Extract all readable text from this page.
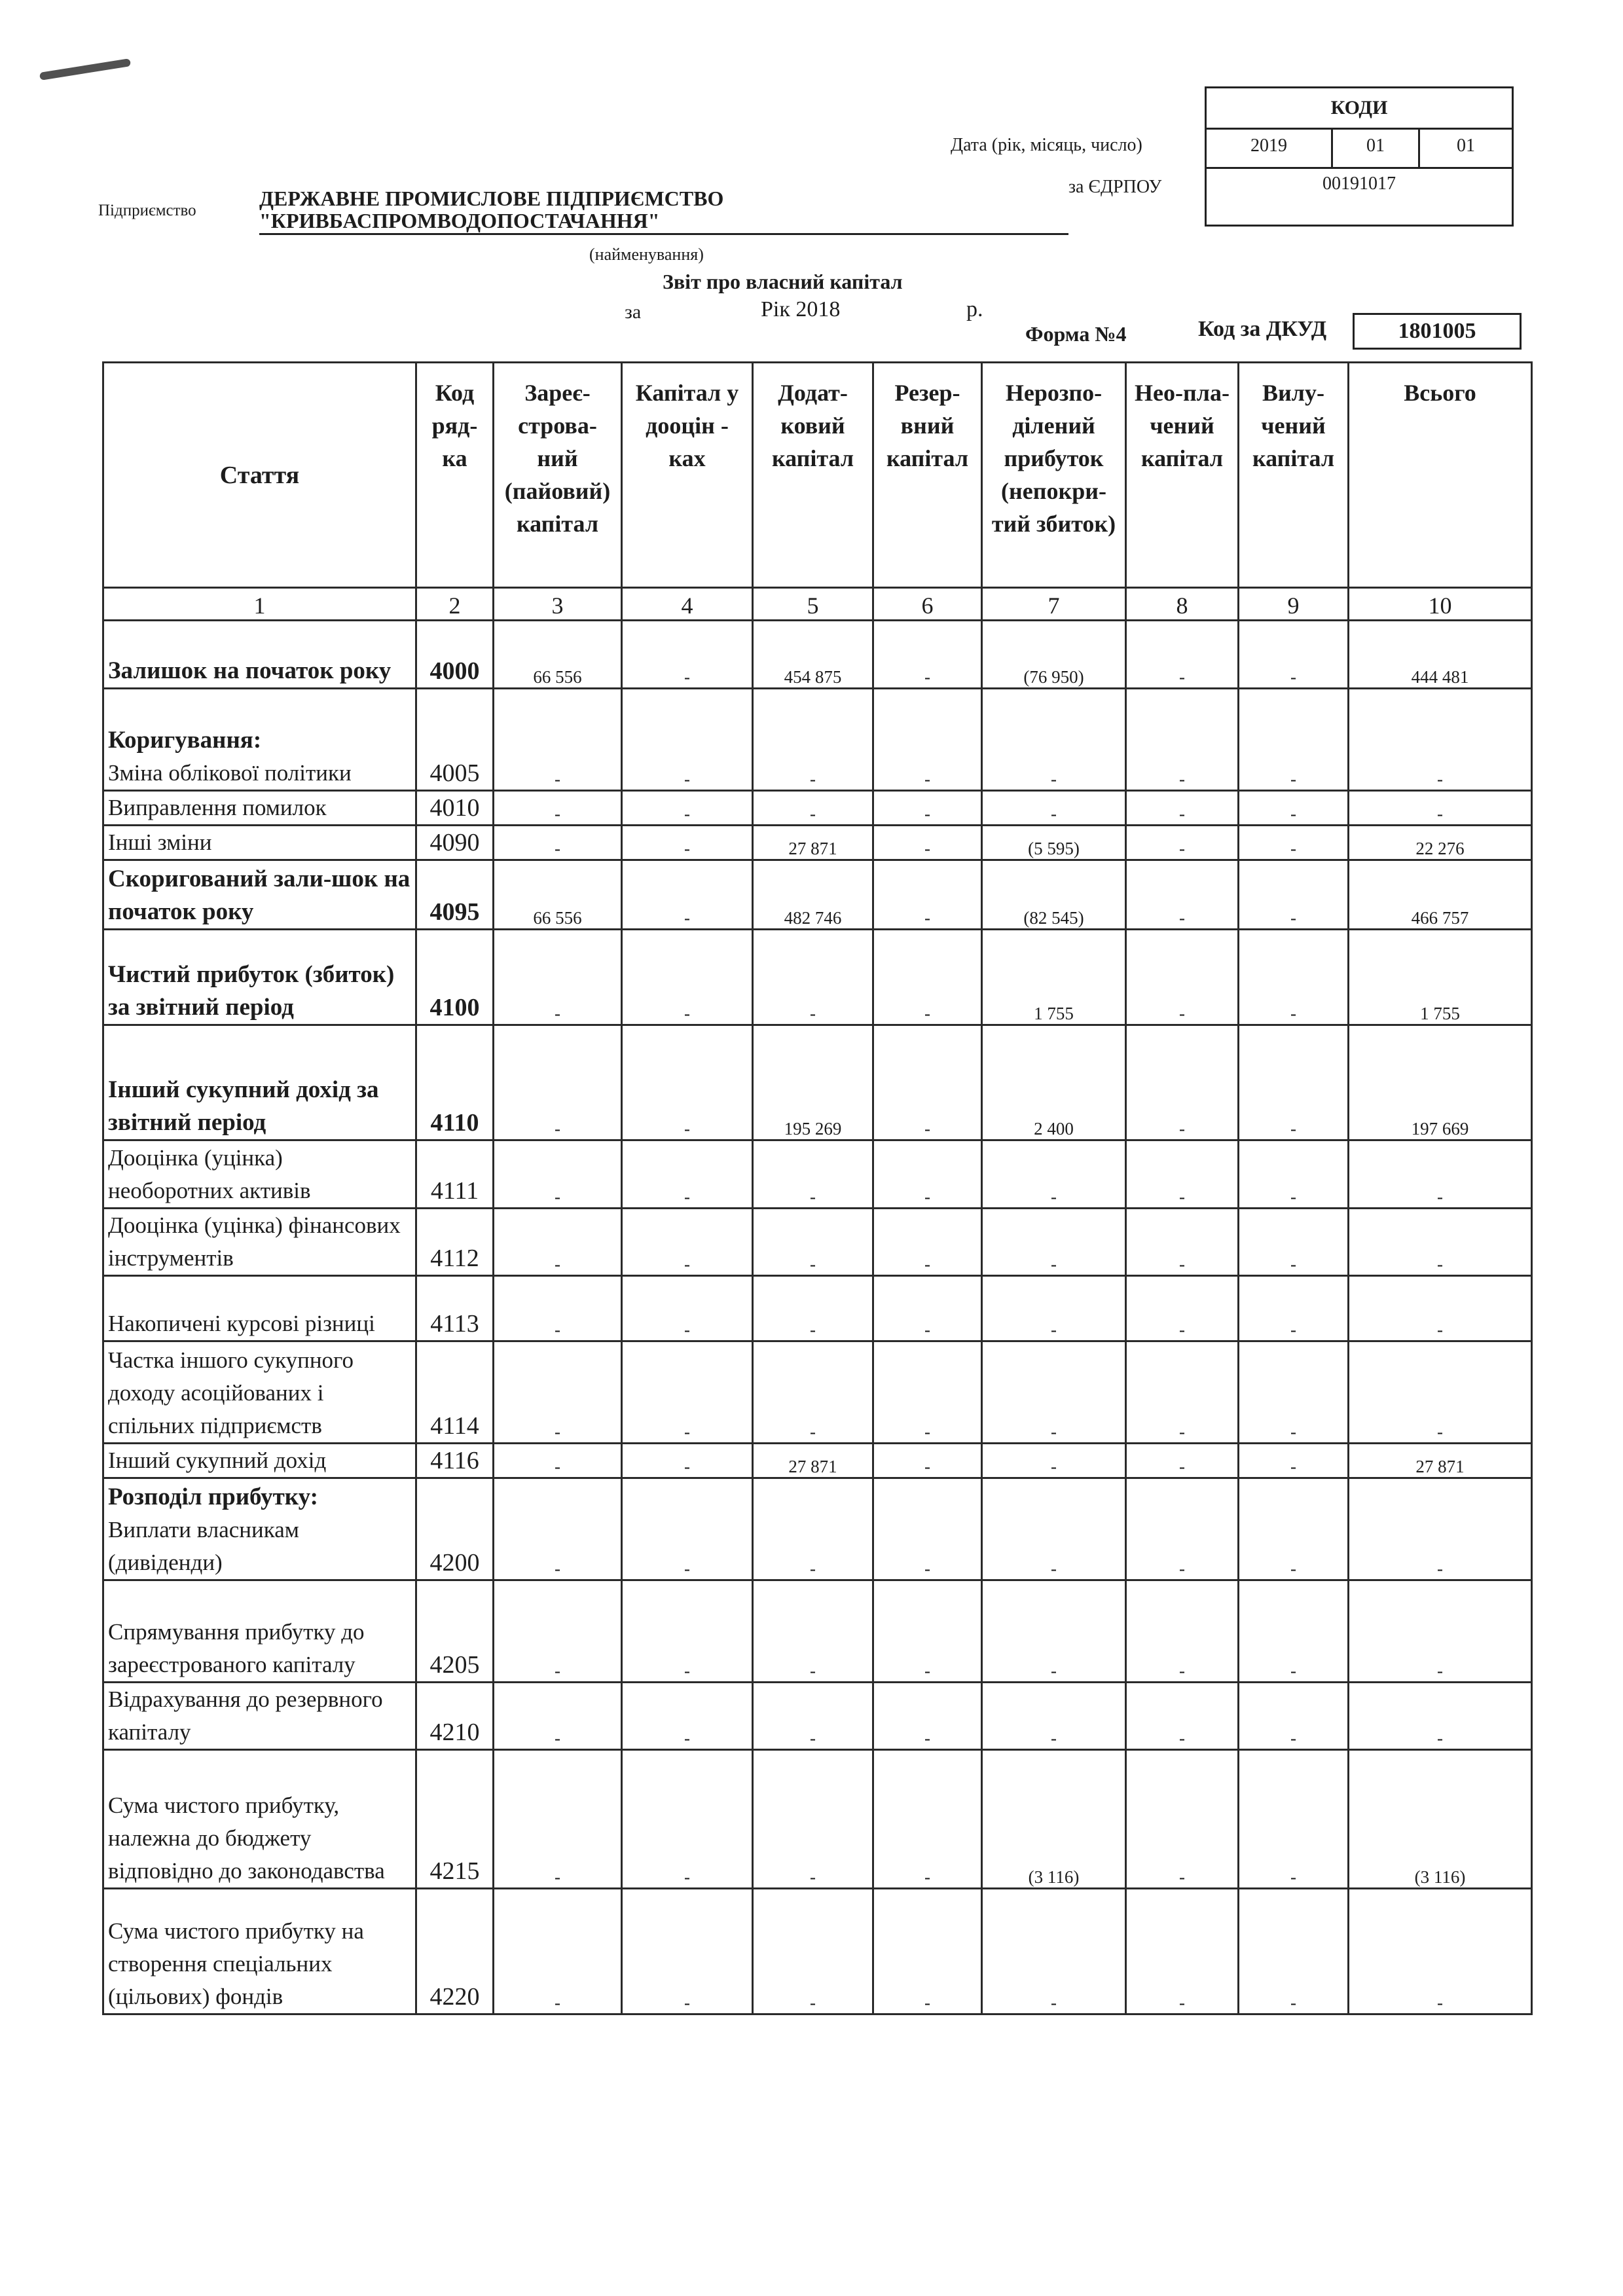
КОДИ
2019	01	01
00191017
Дата (рік, місяць, число)
за ЄДРПОУ
Підприємство
ДЕРЖАВНЕ ПРОМИСЛОВЕ ПІДПРИЄМСТВО
"КРИВБАСПРОМВОДОПОСТАЧАННЯ"
(найменування)
Звіт про власний капітал
за	Рік 2018	р.
Форма №4	Код за ДКУД	1801005
Стаття	Код ряд-ка	Зареє-строва-ний (пайовий) капітал	Капітал у дооцін - ках	Додат-ковий капітал	Резер-вний капітал	Нерозпо-ділений прибуток (непокри-тий збиток)	Нео-пла-чений капітал	Вилу-чений капітал	Всього
1	2	3	4	5	6	7	8	9	10

Залишок на початок року	4000	66 556	-	454 875	-	(76 950)	-	-	444 481

Коригування:
Зміна облікової політики	4005	-	-	-	-	-	-	-	-

Виправлення помилок	4010	-	-	-	-	-	-	-	-

Інші зміни	4090	-	-	27 871	-	(5 595)	-	-	22 276

Скоригований зали-шок на початок року	4095	66 556	-	482 746	-	(82 545)	-	-	466 757

Чистий прибуток (збиток) за звітний період	4100	-	-	-	-	1 755	-	-	1 755

Інший сукупний дохід за звітний період	4110	-	-	195 269	-	2 400	-	-	197 669

Дооцінка (уцінка) необоротних активів	4111	-	-	-	-	-	-	-	-

Дооцінка (уцінка) фінансових інструментів	4112	-	-	-	-	-	-	-	-

Накопичені курсові різниці	4113	-	-	-	-	-	-	-	-

Частка іншого сукупного доходу асоційованих і спільних підприємств	4114	-	-	-	-	-	-	-	-

Інший сукупний дохід	4116	-	-	27 871	-	-	-	-	27 871

Розподіл прибутку:
Виплати власникам (дивіденди)	4200	-	-	-	-	-	-	-	-

Спрямування прибутку до зареєстрованого капіталу	4205	-	-	-	-	-	-	-	-

Відрахування до резервного капіталу	4210	-	-	-	-	-	-	-	-

Сума чистого прибутку, належна до бюджету відповідно до законодавства	4215	-	-	-	-	(3 116)	-	-	(3 116)

Сума чистого прибутку на створення спеціальних (цільових) фондів	4220	-	-	-	-	-	-	-	-
